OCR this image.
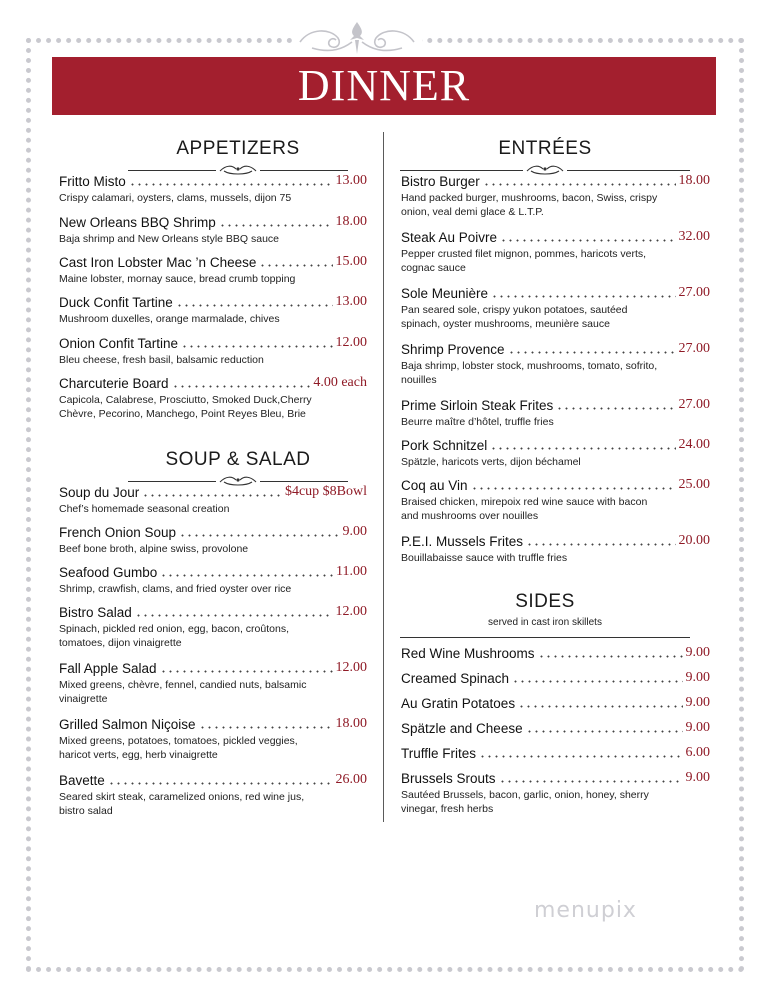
DINNER
APPETIZERS
SOUP & SALAD
ENTRÉES
SIDES
served in cast iron skillets
Fritto Misto	13.00
Crispy calamari, oysters, clams, mussels, dijon 75
New Orleans BBQ Shrimp	18.00
Baja shrimp and New Orleans style BBQ sauce
Cast Iron Lobster Mac ’n Cheese	15.00
Maine lobster, mornay sauce, bread crumb topping
Duck Confit Tartine	13.00
Mushroom duxelles, orange marmalade, chives
Onion Confit Tartine	12.00
Bleu cheese, fresh basil, balsamic reduction
Charcuterie Board	4.00 each
Capicola, Calabrese, Prosciutto, Smoked Duck,Cherry
Chèvre, Pecorino, Manchego, Point Reyes Bleu, Brie
Soup du Jour	$4cup $8Bowl
Chef’s homemade seasonal creation
French Onion Soup	9.00
Beef bone broth, alpine swiss, provolone
Seafood Gumbo	11.00
Shrimp, crawfish, clams, and fried oyster over rice
Bistro Salad	12.00
Spinach, pickled red onion, egg, bacon, croûtons,
tomatoes, dijon vinaigrette
Fall Apple Salad	12.00
Mixed greens, chèvre, fennel, candied nuts, balsamic
vinaigrette
Grilled Salmon Niçoise	18.00
Mixed greens, potatoes, tomatoes, pickled veggies,
haricot verts, egg, herb vinaigrette
Bavette	26.00
Seared skirt steak, caramelized onions, red wine jus,
bistro salad
Bistro Burger	18.00
Hand packed burger, mushrooms, bacon, Swiss, crispy
onion, veal demi glace & L.T.P.
Steak Au Poivre	32.00
Pepper crusted filet mignon, pommes, haricots verts,
cognac sauce
Sole Meunière	27.00
Pan seared sole, crispy yukon potatoes, sautéed
spinach, oyster mushrooms, meunière sauce
Shrimp Provence	27.00
Baja shrimp, lobster stock, mushrooms, tomato, sofrito,
nouilles
Prime Sirloin Steak Frites	27.00
Beurre maître d’hôtel, truffle fries
Pork Schnitzel	24.00
Spätzle, haricots verts, dijon béchamel
Coq au Vin	25.00
Braised chicken, mirepoix red wine sauce with bacon
and mushrooms over nouilles
P.E.I. Mussels Frites	20.00
Bouillabaisse sauce with truffle fries
Red Wine Mushrooms	9.00
Creamed Spinach	9.00
Au Gratin Potatoes	9.00
Spätzle and Cheese	9.00
Truffle Frites	6.00
Brussels Srouts	9.00
Sautéed Brussels, bacon, garlic, onion, honey, sherry
vinegar, fresh herbs
menupix
